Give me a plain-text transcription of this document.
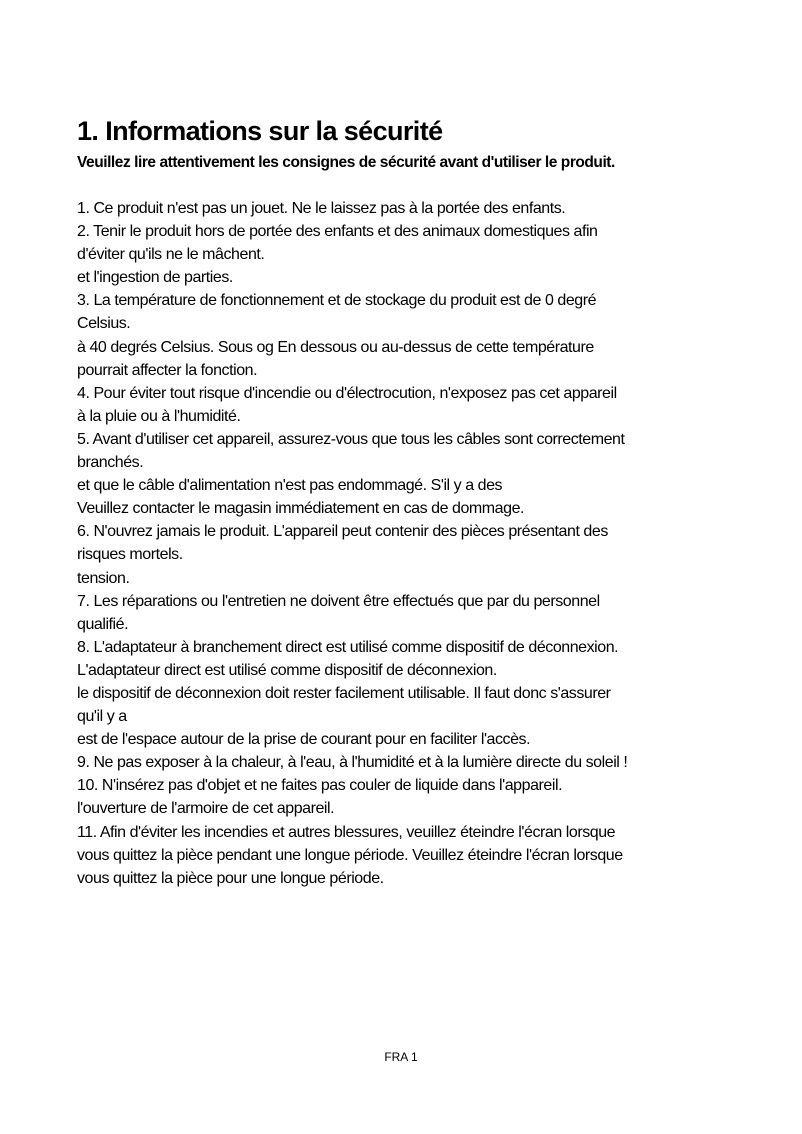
1. Informations sur la sécurité

Veuillez lire attentivement les consignes de sécurité avant d'utiliser le produit.

1. Ce produit n'est pas un jouet. Ne le laissez pas à la portée des enfants.
2. Tenir le produit hors de portée des enfants et des animaux domestiques afin
d'éviter qu'ils ne le mâchent.
et l'ingestion de parties.
3. La température de fonctionnement et de stockage du produit est de 0 degré
Celsius.
à 40 degrés Celsius. Sous og En dessous ou au-dessus de cette température
pourrait affecter la fonction.
4. Pour éviter tout risque d'incendie ou d'électrocution, n'exposez pas cet appareil
à la pluie ou à l'humidité.
5. Avant d'utiliser cet appareil, assurez-vous que tous les câbles sont correctement
branchés.
et que le câble d'alimentation n'est pas endommagé. S'il y a des
Veuillez contacter le magasin immédiatement en cas de dommage.
6. N'ouvrez jamais le produit. L'appareil peut contenir des pièces présentant des
risques mortels.
tension.
7. Les réparations ou l'entretien ne doivent être effectués que par du personnel
qualifié.
8. L'adaptateur à branchement direct est utilisé comme dispositif de déconnexion.
L'adaptateur direct est utilisé comme dispositif de déconnexion.
le dispositif de déconnexion doit rester facilement utilisable. Il faut donc s'assurer
qu'il y a
est de l'espace autour de la prise de courant pour en faciliter l'accès.
9. Ne pas exposer à la chaleur, à l'eau, à l'humidité et à la lumière directe du soleil !
10. N'insérez pas d'objet et ne faites pas couler de liquide dans l'appareil.
l'ouverture de l'armoire de cet appareil.
11. Afin d'éviter les incendies et autres blessures, veuillez éteindre l'écran lorsque
vous quittez la pièce pendant une longue période. Veuillez éteindre l'écran lorsque
vous quittez la pièce pour une longue période.
FRA 1
